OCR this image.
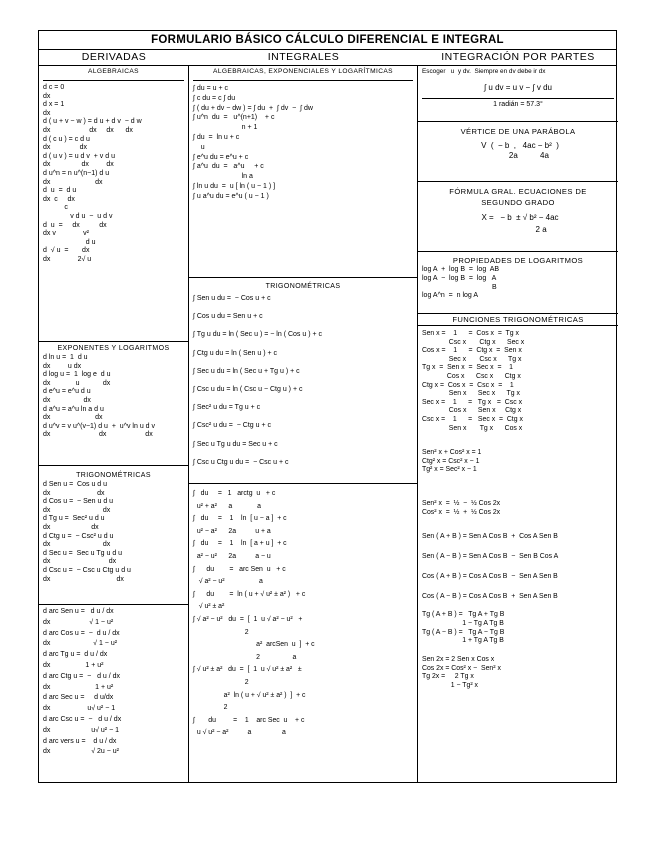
FORMULARIO BÁSICO CÁLCULO DIFERENCIAL E INTEGRAL
DERIVADAS	INTEGRALES	INTEGRACIÓN POR PARTES
ALGEBRAICAS
d c = 0
dx
d x = 1
dx
d ( u + v − w ) = d u + d v  − d w
dx                    dx     dx      dx
d ( c u ) = c d u
dx               dx
d ( u v ) = u d v  + v d u
dx                dx         dx
d u^n = n u^(n−1) d u
dx                       dx
d  u  =  d u
dx  c     dx
c
v d u  −  u d v
d  u  =     dx          dx
dx v              v²
d u
d  √ u  =       dx
dx              2√ u
EXPONENTES Y LOGARITMOS
d ln u =  1  d u
dx         u dx
d log u =  1  log e  d u
dx             u            dx
d e^u = e^u d u
dx                 dx
d a^u = a^u ln a d u
dx                       dx
d u^v = v u^(v−1) d u  +  u^v ln u d v
dx                         dx                    dx
TRIGONOMÉTRICAS
d Sen u =  Cos u d u
dx                        dx
d Cos u =  − Sen u d u
dx                           dx
d Tg u =  Sec² u d u
dx                     dx
d Ctg u =  − Csc² u d u
dx                           dx
d Sec u =  Sec u Tg u d u
dx                              dx
d Csc u =  − Csc u Ctg u d u
dx                                  dx
d arc Sen u =   d u / dx
dx                    √ 1 − u²
d arc Cos u =  −  d u / dx
dx                      √ 1 − u²
d arc Tg u =  d u / dx
dx                  1 + u²
d arc Ctg u =  −   d u / dx
dx                       1 + u²
d arc Sec u =     d u/dx
dx                   u√ u² − 1
d arc Csc u =  −   d u / dx
dx                     u√ u² − 1
d arc vers u =    d u / dx
dx                     √ 2u − u²
ALGEBRAICAS, EXPONENCIALES Y LOGARÍTMICAS
∫ du = u + c
∫ c du = c ∫ du
∫ ( du + dv − dw ) = ∫ du  +  ∫ dv  −  ∫ dw
∫ u^n  du  =   u^(n+1)    + c
n + 1
∫ du  =  ln u + c
u
∫ e^u du = e^u + c
∫ a^u  du  =   a^u     + c
ln a
∫ ln u du  =  u [ ln ( u − 1 ) ]
∫ u a^u du = e^u ( u − 1 )
TRIGONOMÉTRICAS
∫ Sen u du =  − Cos u + c
∫ Cos u du = Sen u + c
∫ Tg u du = ln ( Sec u ) = − ln ( Cos u ) + c
∫ Ctg u du = ln ( Sen u ) + c
∫ Sec u du = ln ( Sec u + Tg u ) + c
∫ Csc u du = ln ( Csc u − Ctg u ) + c
∫ Sec² u du = Tg u + c
∫ Csc² u du =  − Ctg u + c
∫ Sec u Tg u du = Sec u + c
∫ Csc u Ctg u du =  − Csc u + c
∫   du     =   1   arctg  u   + c
u² + a²      a             a
∫   du     =    1    ln  [ u − a ]  + c
u² − a²      2a          u + a
∫   du     =    1    ln  [ a + u ]  + c
a² − u²      2a          a − u
∫      du        =   arc Sen  u   + c
√ a² − u²                  a
∫      du        =  ln ( u + √ u² ± a² )   + c
√ u² ± a²
∫ √ a² − u²   du  =  [  1  u √ a² − u²   +
2
a²  arcSen  u  ]  + c
2                 a
∫ √ u² ± a²   du  =  [  1  u √ u² ± a²   ±
2
a²  ln ( u + √ u² ± a² )  ]  + c
2
∫       du         =    1    arc Sec  u    + c
u √ u² − a²          a                a
Escoger   u  y dv.  Siempre en dv debe ir dx
∫ u dv = u v − ∫ v du
1 radián = 57.3°
VÉRTICE DE UNA PARÁBOLA
V  (  − b  ,   4ac − b²  )
2a          4a
FÓRMULA GRAL. ECUACIONES DE SEGUNDO GRADO
X =   − b  ± √ b² − 4ac
2 a
PROPIEDADES DE LOGARITMOS
log A  +  log B  =  log  AB
log A  −  log B  =  log   A
B
log A^n  =  n log A
FUNCIONES TRIGONOMÉTRICAS
Sen x =    1      =  Cos x  =  Tg x
Csc x       Ctg x      Sec x
Cos x =    1      =  Ctg x  =  Sen x
Sec x       Csc x      Tg x
Tg x  =  Sen x  =  Sec x  =    1
Cos x      Csc x      Ctg x
Ctg x =  Cos x  =  Csc x  =    1
Sen x      Sec x      Tg x
Sec x =    1      =   Tg x   =  Csc x
Cos x      Sen x     Ctg x
Csc x =    1      =   Sec x  =  Ctg x
Sen x       Tg x      Cos x
Sen² x + Cos² x = 1
Ctg² x = Csc² x − 1
Tg² x = Sec² x − 1
Sen² x  =  ½  −  ½ Cos 2x
Cos² x  =  ½  +  ½ Cos 2x
Sen ( A + B ) = Sen A Cos B  +  Cos A Sen B
Sen ( A − B ) = Sen A Cos B  −  Sen B Cos A
Cos ( A + B ) = Cos A Cos B  −  Sen A Sen B
Cos ( A − B ) = Cos A Cos B  +  Sen A Sen B
Tg ( A + B ) =   Tg A + Tg B
1 − Tg A Tg B
Tg ( A − B ) =   Tg A − Tg B
1 + Tg A Tg B
Sen 2x = 2 Sen x Cos x
Cos 2x = Cos² x −  Sen² x
Tg 2x =     2 Tg x
1 − Tg² x
